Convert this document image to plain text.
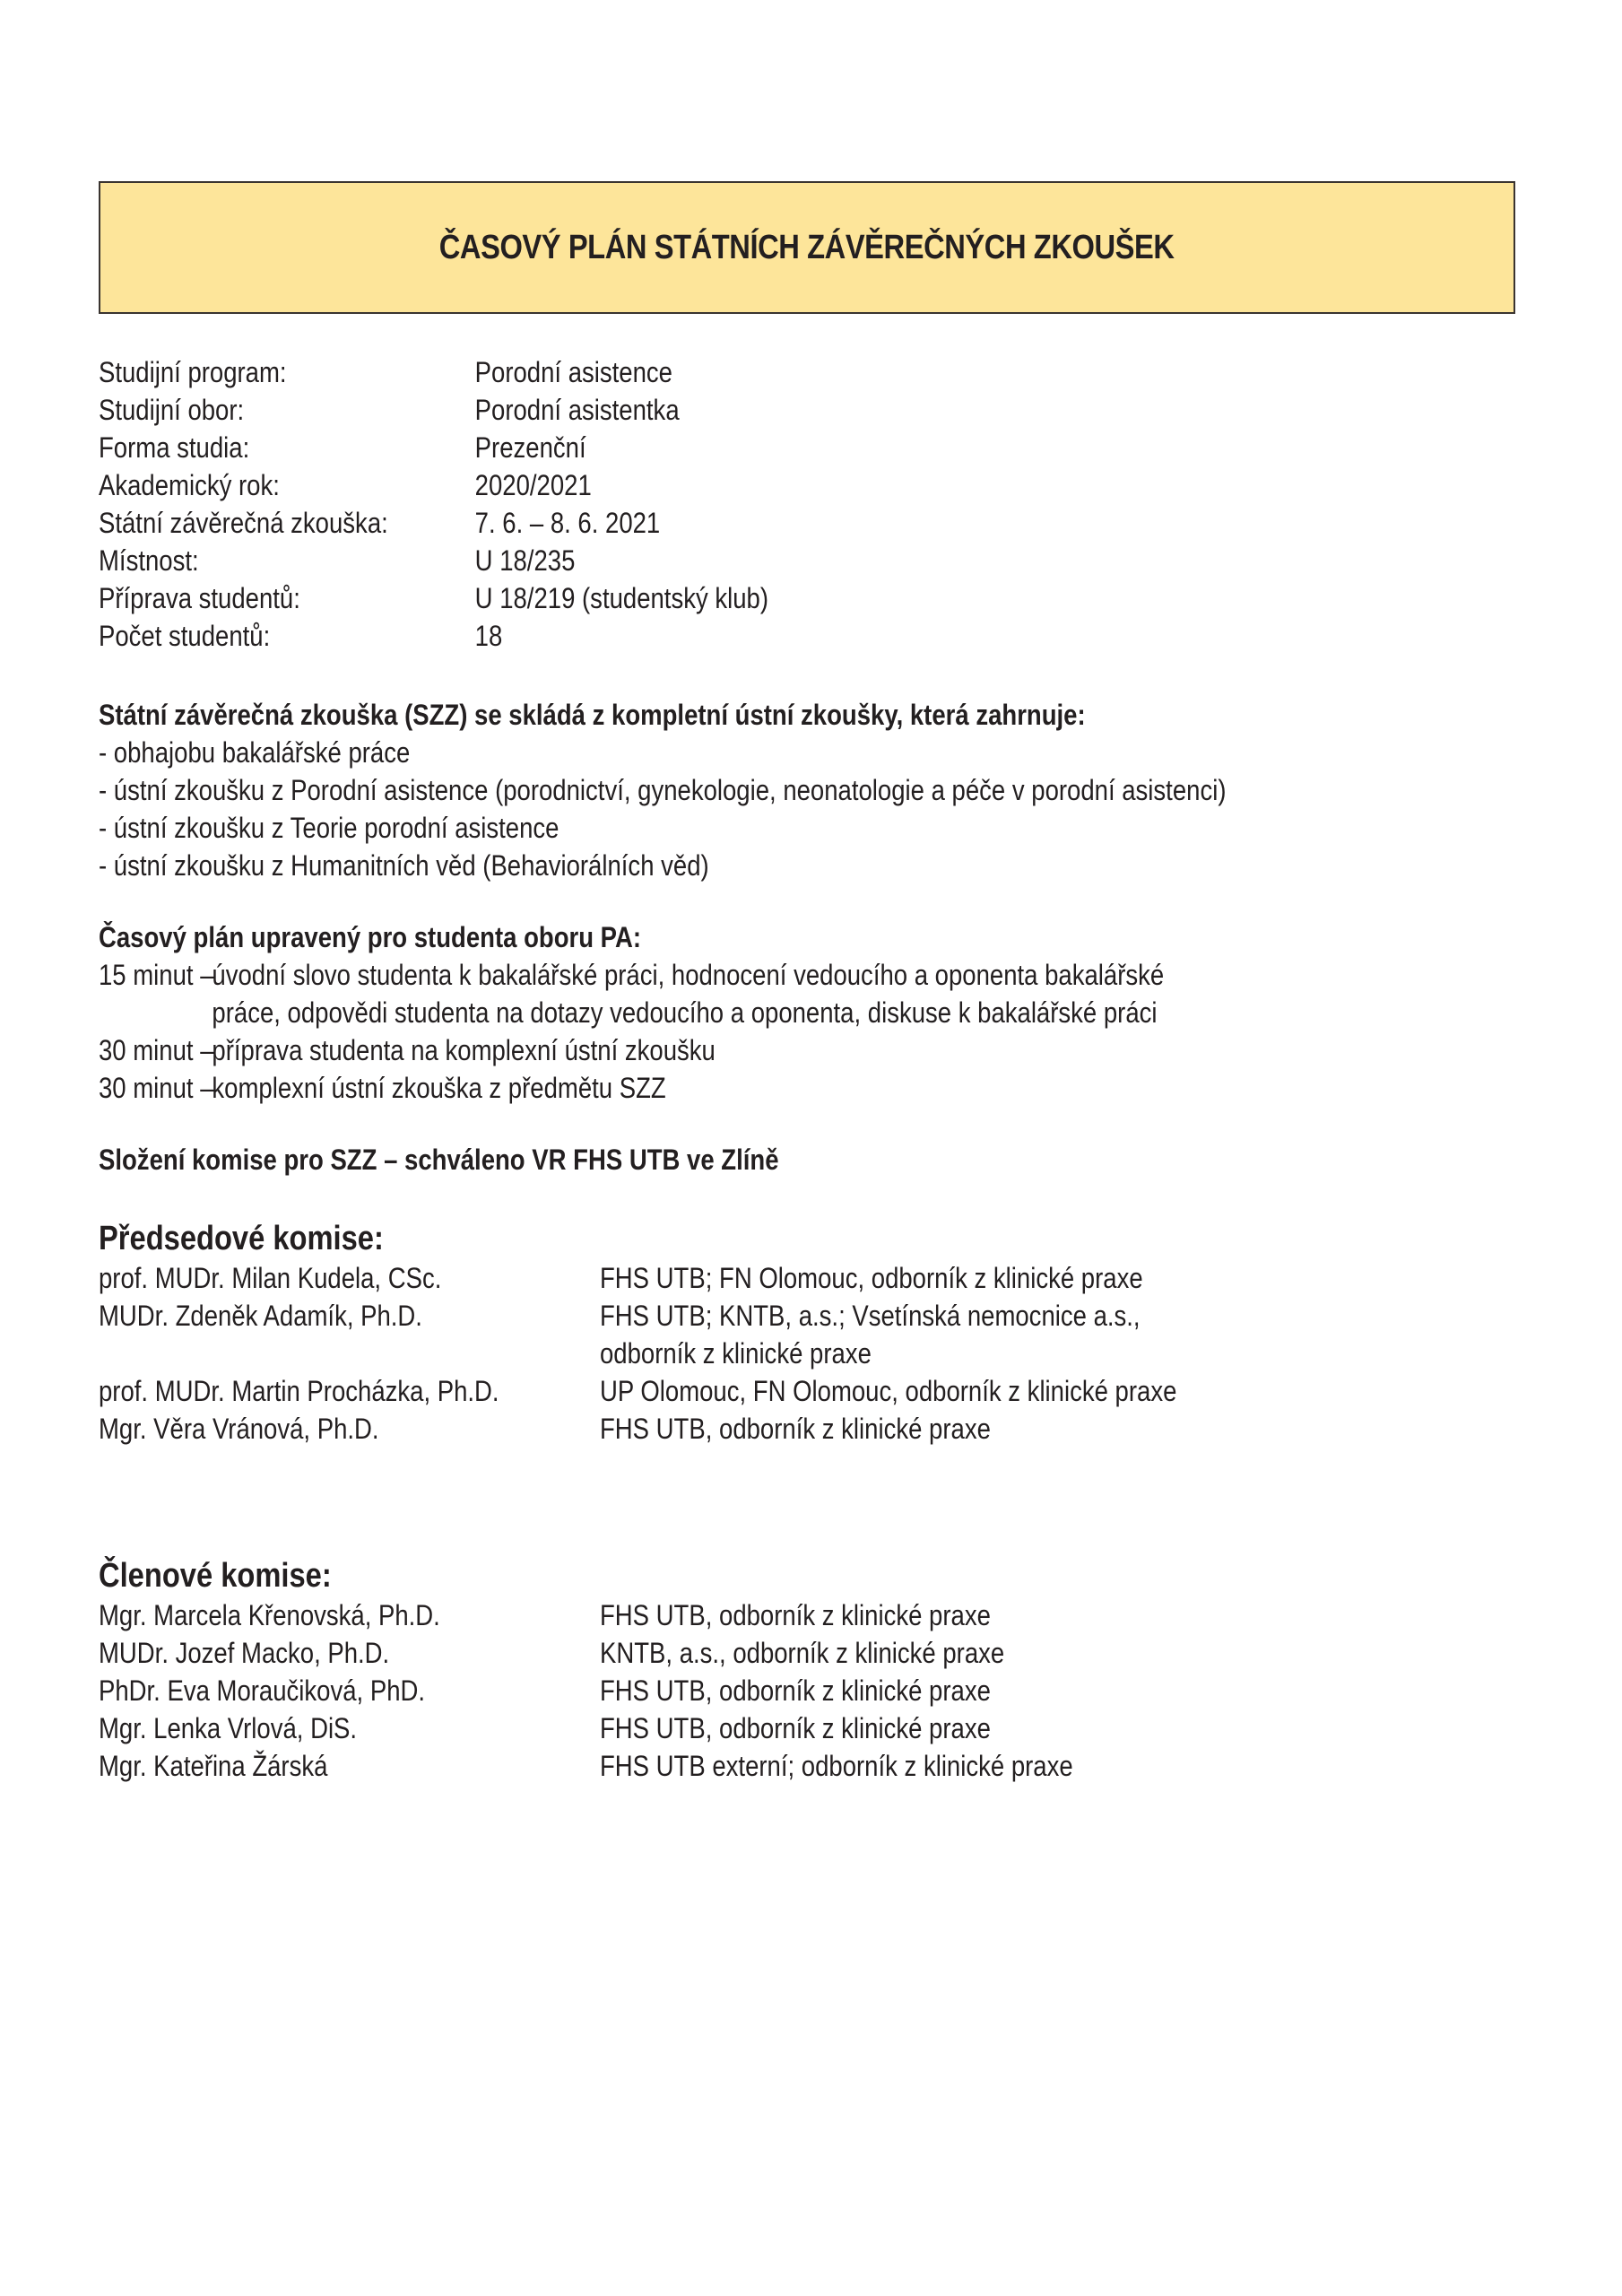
ČASOVÝ PLÁN STÁTNÍCH ZÁVĚREČNÝCH ZKOUŠEK
Studijní program:	Porodní asistence
Studijní obor:	Porodní asistentka
Forma studia:	Prezenční
Akademický rok:	2020/2021
Státní závěrečná zkouška:	7. 6. – 8. 6. 2021
Místnost:	U 18/235
Příprava studentů:	U 18/219 (studentský klub)
Počet studentů:	18
Státní závěrečná zkouška (SZZ) se skládá z kompletní ústní zkoušky, která zahrnuje:
- obhajobu bakalářské práce
- ústní zkoušku z Porodní asistence (porodnictví, gynekologie, neonatologie a péče v porodní asistenci)
- ústní zkoušku z Teorie porodní asistence
- ústní zkoušku z Humanitních věd (Behaviorálních věd)
Časový plán upravený pro studenta oboru PA:
15 minut –
úvodní slovo studenta k bakalářské práci, hodnocení vedoucího a oponenta bakalářské
práce, odpovědi studenta na dotazy vedoucího a oponenta, diskuse k bakalářské práci
30 minut –
příprava studenta na komplexní ústní zkoušku
30 minut –
komplexní ústní zkouška z předmětu SZZ
Složení komise pro SZZ – schváleno VR FHS UTB ve Zlíně
Předsedové komise:
prof. MUDr. Milan Kudela, CSc.	FHS UTB; FN Olomouc, odborník z klinické praxe
MUDr. Zdeněk Adamík, Ph.D.	FHS UTB; KNTB, a.s.; Vsetínská nemocnice a.s.,
odborník z klinické praxe
prof. MUDr. Martin Procházka, Ph.D.	UP Olomouc, FN Olomouc, odborník z klinické praxe
Mgr. Věra Vránová, Ph.D.	FHS UTB, odborník z klinické praxe
Členové komise:
Mgr. Marcela Křenovská, Ph.D.	FHS UTB, odborník z klinické praxe
MUDr. Jozef Macko, Ph.D.	KNTB, a.s., odborník z klinické praxe
PhDr. Eva Moraučiková, PhD.	FHS UTB, odborník z klinické praxe
Mgr. Lenka Vrlová, DiS.	FHS UTB, odborník z klinické praxe
Mgr. Kateřina Žárská	FHS UTB externí; odborník z klinické praxe
